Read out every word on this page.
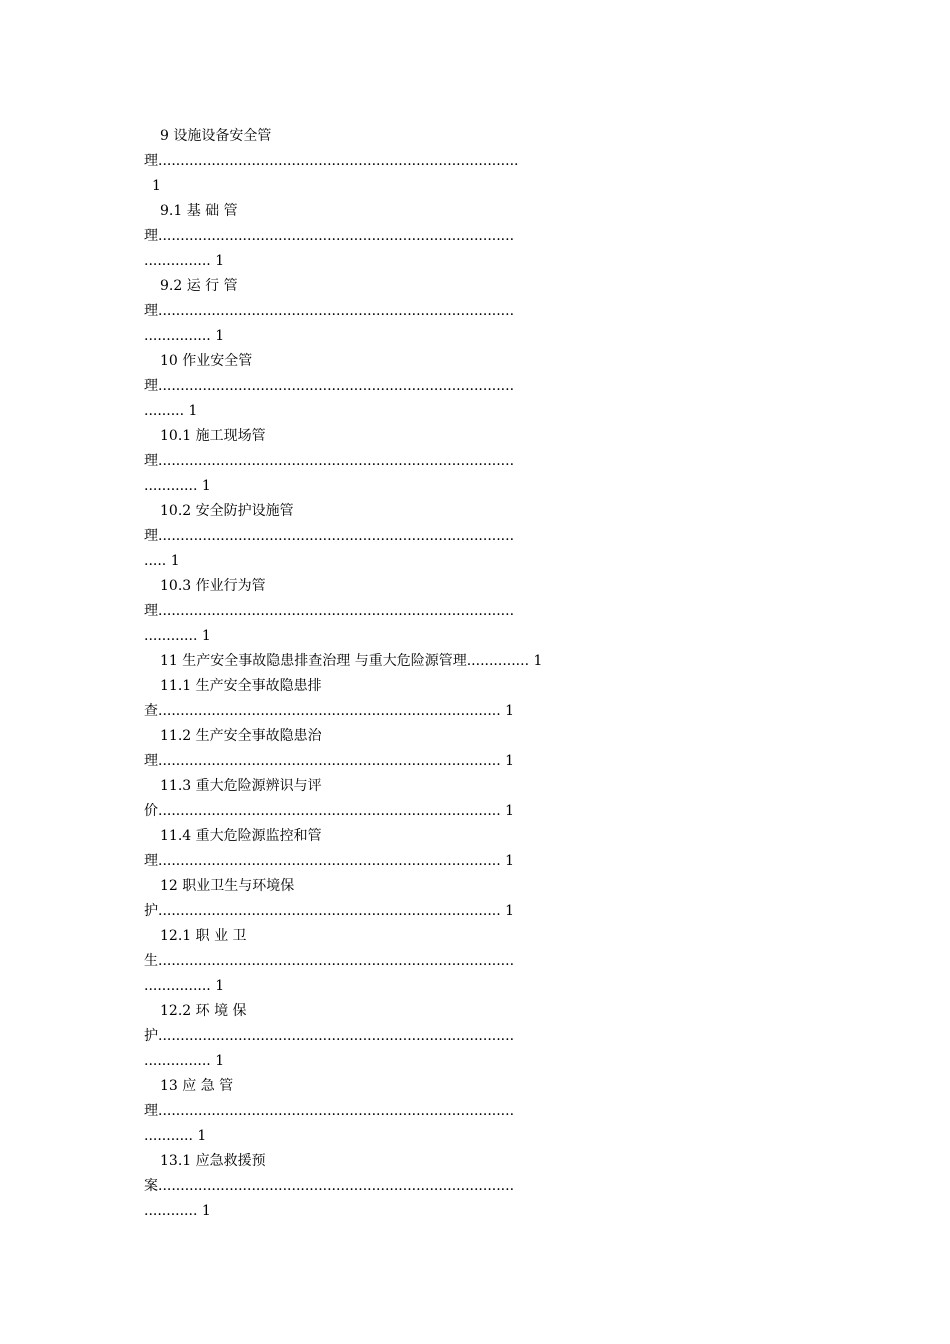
9 设施设备安全管
理.................................................................................
1
9.1 基 础 管
理................................................................................
............... 1
9.2 运 行 管
理................................................................................
............... 1
10 作业安全管
理................................................................................
......... 1
10.1 施工现场管
理................................................................................
............ 1
10.2 安全防护设施管
理................................................................................
..... 1
10.3 作业行为管
理................................................................................
............ 1
11 生产安全事故隐患排查治理 与重大危险源管理.............. 1
11.1 生产安全事故隐患排
查............................................................................. 1
11.2 生产安全事故隐患治
理............................................................................. 1
11.3 重大危险源辨识与评
价............................................................................. 1
11.4 重大危险源监控和管
理............................................................................. 1
12 职业卫生与环境保
护............................................................................. 1
12.1 职 业 卫
生................................................................................
............... 1
12.2 环 境 保
护................................................................................
............... 1
13 应 急 管
理................................................................................
........... 1
13.1 应急救援预
案................................................................................
............ 1
